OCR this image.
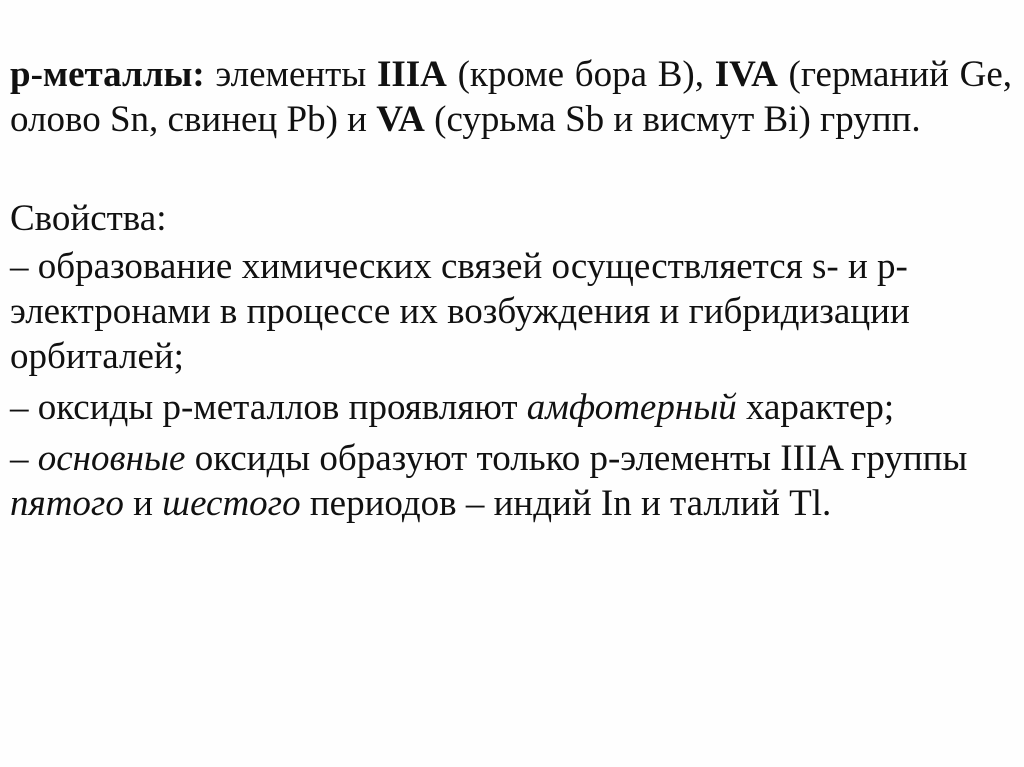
р-металлы: элементы IIIA (кроме бора B), IVA (германий Ge, олово Sn, свинец Pb) и VA (сурьма Sb и висмут Bi) групп.

Свойства:

– образование химических связей осуществляется s- и р-электронами в процессе их возбуждения и гибридизации орбиталей;

– оксиды р-металлов проявляют амфотерный характер;

– основные оксиды образуют только р-элементы IIIA группы пятого и шестого периодов – индий In и таллий Tl.
